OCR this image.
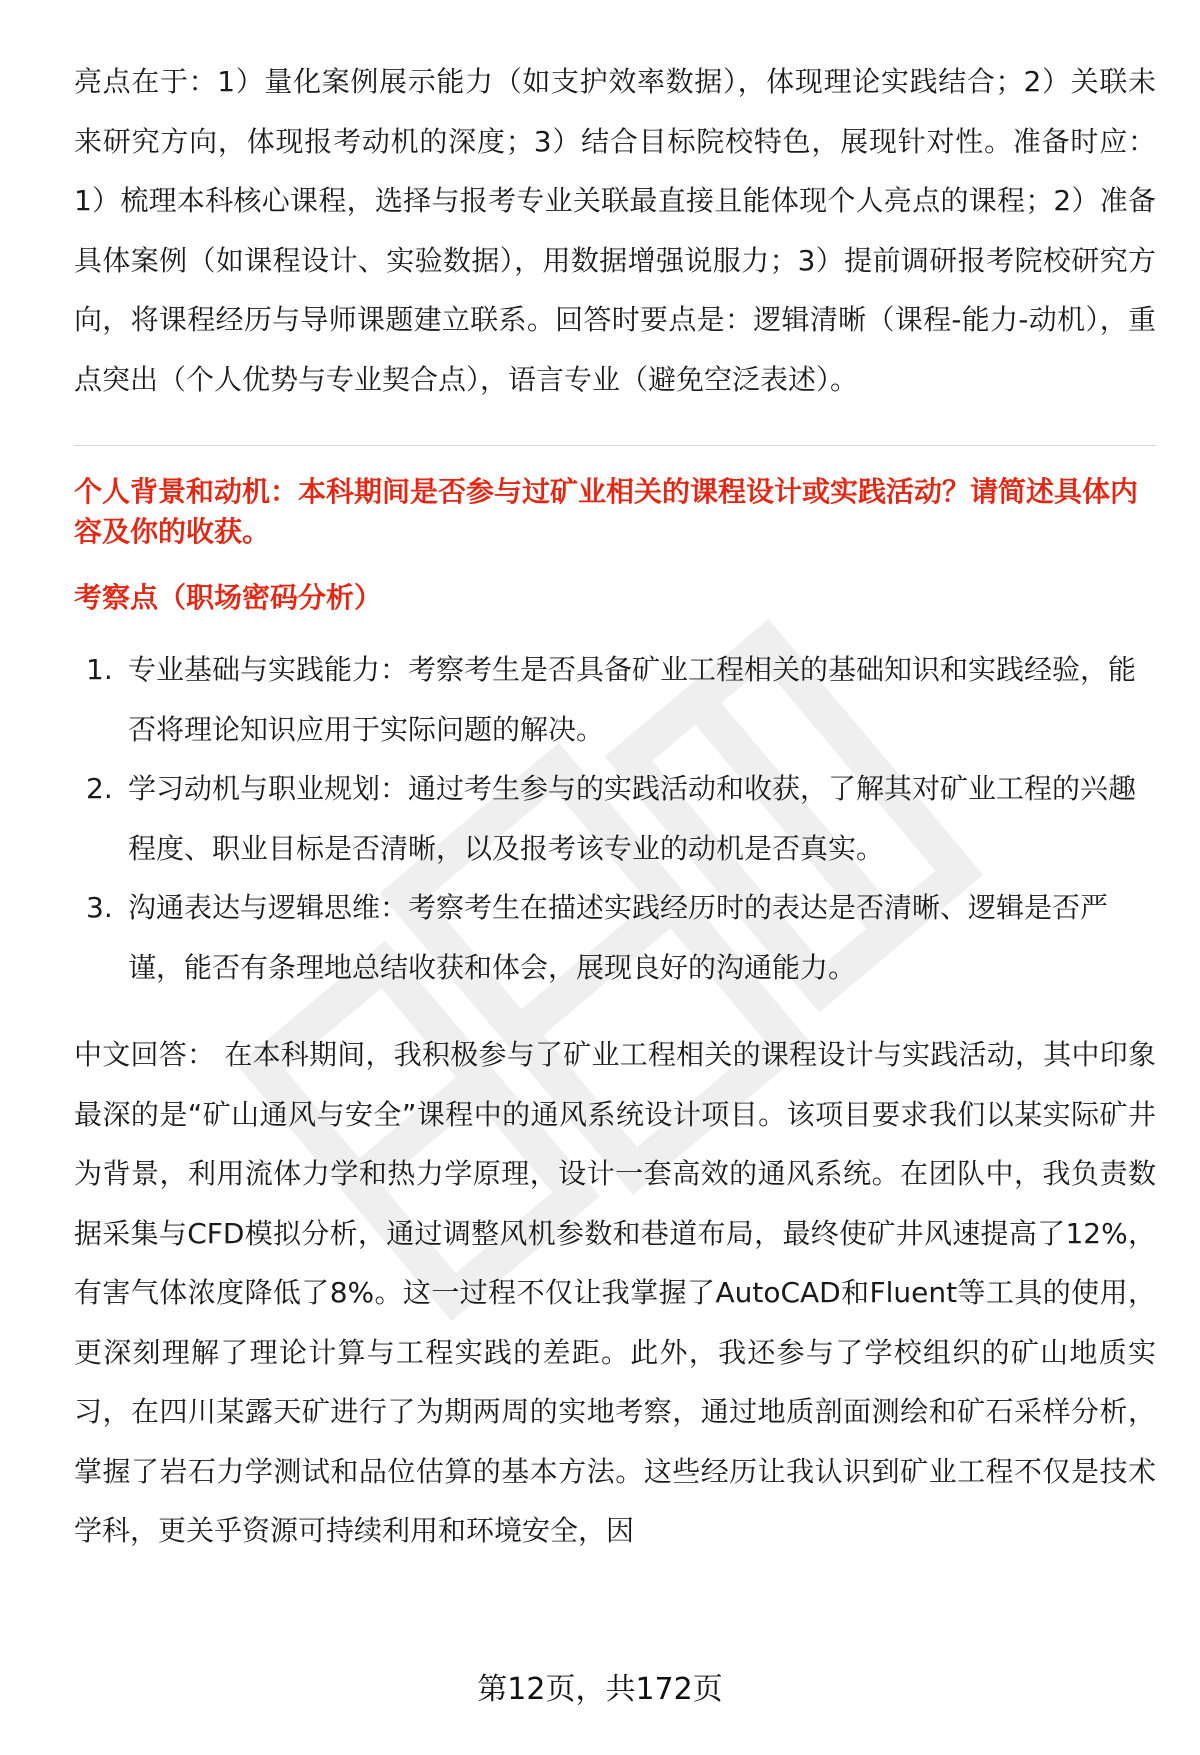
亮点在于：1）量化案例展示能力（如支护效率数据），体现理论实践结合；2）关联未来研究方向，体现报考动机的深度；3）结合目标院校特色，展现针对性。准备时应：1）梳理本科核心课程，选择与报考专业关联最直接且能体现个人亮点的课程；2）准备具体案例（如课程设计、实验数据），用数据增强说服力；3）提前调研报考院校研究方向，将课程经历与导师课题建立联系。回答时要点是：逻辑清晰（课程-能力-动机），重点突出（个人优势与专业契合点），语言专业（避免空泛表述）。

个人背景和动机：本科期间是否参与过矿业相关的课程设计或实践活动？请简述具体内容及你的收获。

考察点（职场密码分析）

1. 专业基础与实践能力：考察考生是否具备矿业工程相关的基础知识和实践经验，能否将理论知识应用于实际问题的解决。
2. 学习动机与职业规划：通过考生参与的实践活动和收获，了解其对矿业工程的兴趣程度、职业目标是否清晰，以及报考该专业的动机是否真实。
3. 沟通表达与逻辑思维：考察考生在描述实践经历时的表达是否清晰、逻辑是否严谨，能否有条理地总结收获和体会，展现良好的沟通能力。

中文回答： 在本科期间，我积极参与了矿业工程相关的课程设计与实践活动，其中印象最深的是“矿山通风与安全”课程中的通风系统设计项目。该项目要求我们以某实际矿井为背景，利用流体力学和热力学原理，设计一套高效的通风系统。在团队中，我负责数据采集与CFD模拟分析，通过调整风机参数和巷道布局，最终使矿井风速提高了12%，有害气体浓度降低了8%。这一过程不仅让我掌握了AutoCAD和Fluent等工具的使用，更深刻理解了理论计算与工程实践的差距。此外，我还参与了学校组织的矿山地质实习，在四川某露天矿进行了为期两周的实地考察，通过地质剖面测绘和矿石采样分析，掌握了岩石力学测试和品位估算的基本方法。这些经历让我认识到矿业工程不仅是技术学科，更关乎资源可持续利用和环境安全，因

第12页，共172页
